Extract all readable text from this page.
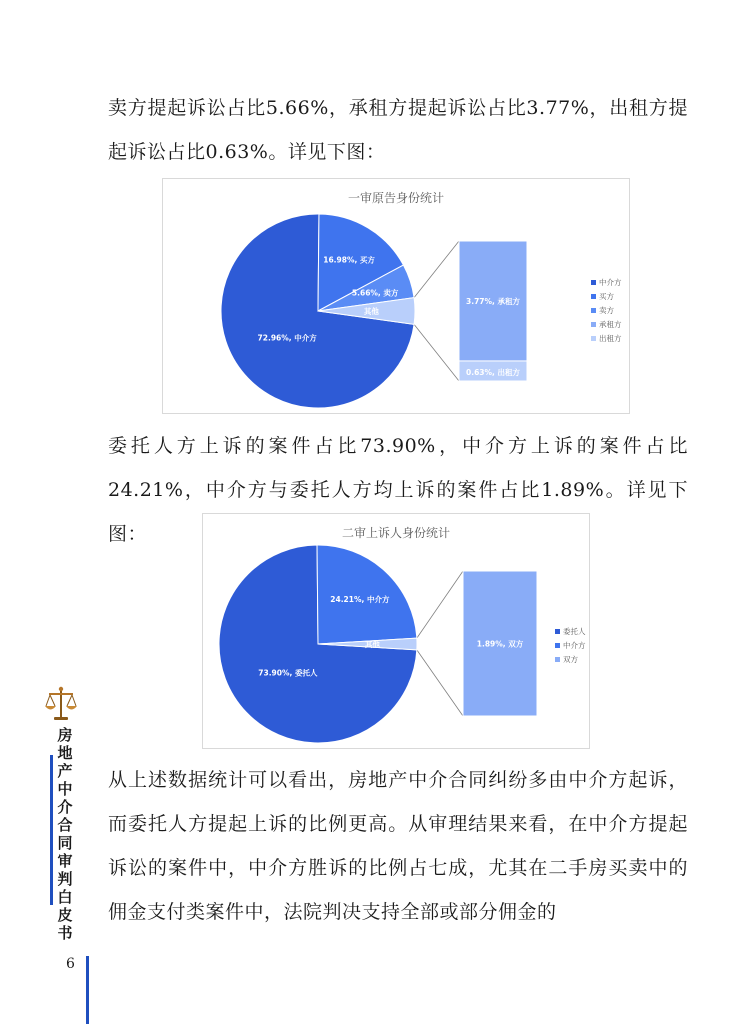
卖方提起诉讼占比5.66%，承租方提起诉讼占比3.77%，出租方提起诉讼占比0.63%。详见下图：

一审原告身份统计
72.96%, 中介方
16.98%, 买方
5.66%, 卖方
其他
3.77%, 承租方
0.63%, 出租方
中介方
买方
卖方
承租方
出租方

委托人方上诉的案件占比73.90%，中介方上诉的案件占比24.21%，中介方与委托人方均上诉的案件占比1.89%。详见下图：	二审上诉人身份统计
73.90%, 委托人
24.21%, 中介方
其他	1.89%, 双方
委托人
中介方
双方

从上述数据统计可以看出，房地产中介合同纠纷多由中介方起诉，而委托人方提起上诉的比例更高。从审理结果来看，在中介方提起诉讼的案件中，中介方胜诉的比例占七成，尤其在二手房买卖中的佣金支付类案件中，法院判决支持全部或部分佣金的

房地产中介合同审判白皮书
6
